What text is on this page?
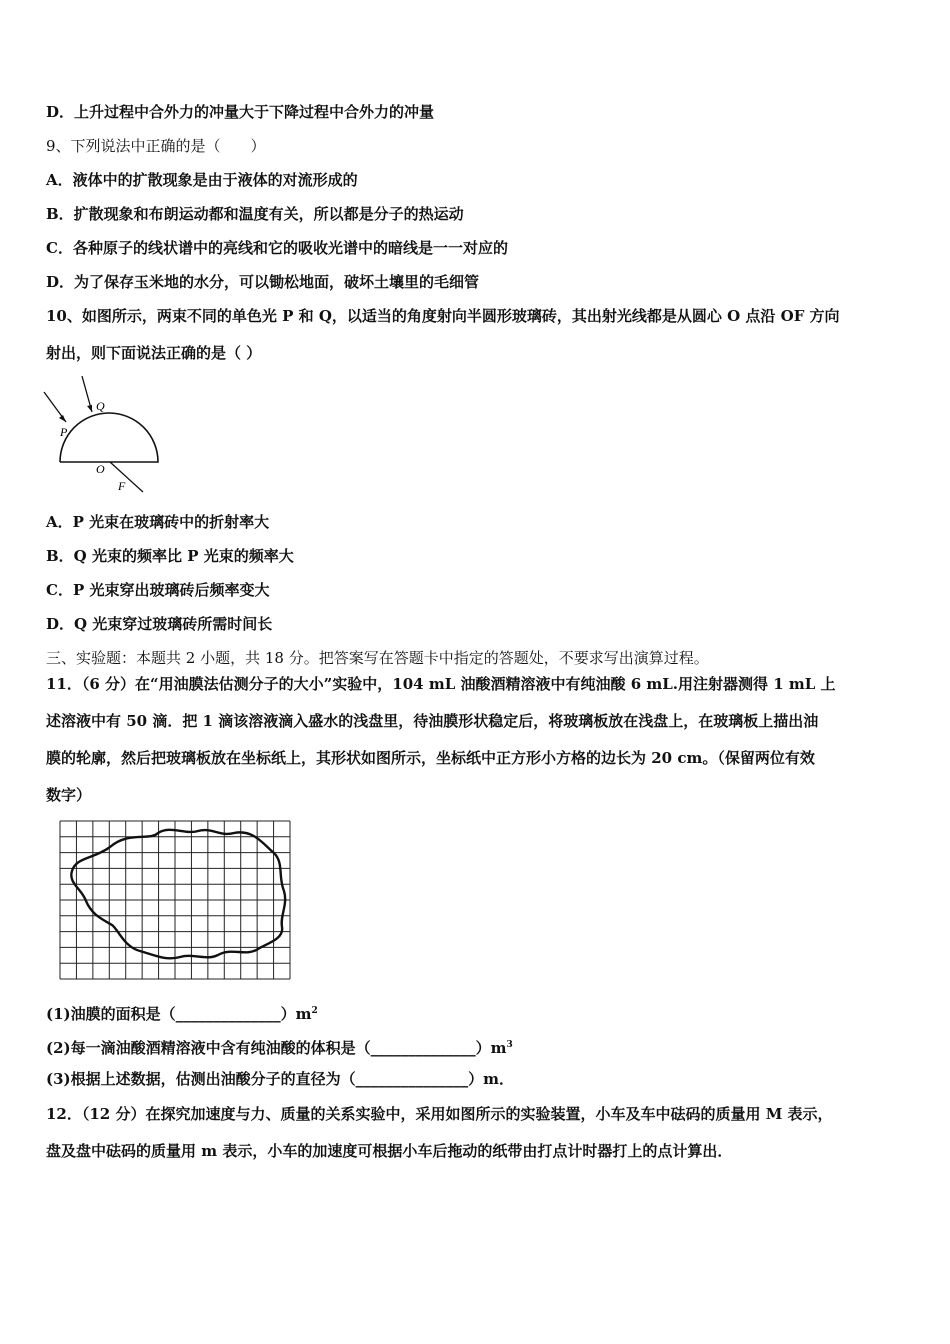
D．上升过程中合外力的冲量大于下降过程中合外力的冲量
9、下列说法中正确的是（　　）
A．液体中的扩散现象是由于液体的对流形成的
B．扩散现象和布朗运动都和温度有关，所以都是分子的热运动
C．各种原子的线状谱中的亮线和它的吸收光谱中的暗线是一一对应的
D．为了保存玉米地的水分，可以锄松地面，破坏土壤里的毛细管
10、如图所示，两束不同的单色光 P 和 Q，以适当的角度射向半圆形玻璃砖，其出射光线都是从圆心 O 点沿 OF 方向
射出，则下面说法正确的是（ ）
P
Q
O
F
A．P 光束在玻璃砖中的折射率大
B．Q 光束的频率比 P 光束的频率大
C．P 光束穿出玻璃砖后频率变大
D．Q 光束穿过玻璃砖所需时间长
三、实验题：本题共 2 小题，共 18 分。把答案写在答题卡中指定的答题处，不要求写出演算过程。
11．（6 分）在“用油膜法估测分子的大小”实验中，104 mL 油酸酒精溶液中有纯油酸 6 mL.用注射器测得 1 mL 上
述溶液中有 50 滴．把 1 滴该溶液滴入盛水的浅盘里，待油膜形状稳定后，将玻璃板放在浅盘上，在玻璃板上描出油
膜的轮廓，然后把玻璃板放在坐标纸上，其形状如图所示，坐标纸中正方形小方格的边长为 20 cm。（保留两位有效
数字）
(1)油膜的面积是$(\_\_\_\_\_\_\_\_\_\_\_\_\_\_)m^2$
(2)每一滴油酸酒精溶液中含有纯油酸的体积是$(\_\_\_\_\_\_\_\_\_\_\_\_\_\_)m^3$
(3)根据上述数据，估测出油酸分子的直径为（_______________）m．
12．（12 分）在探究加速度与力、质量的关系实验中，采用如图所示的实验装置，小车及车中砝码的质量用 M 表示，
盘及盘中砝码的质量用 m 表示，小车的加速度可根据小车后拖动的纸带由打点计时器打上的点计算出．
